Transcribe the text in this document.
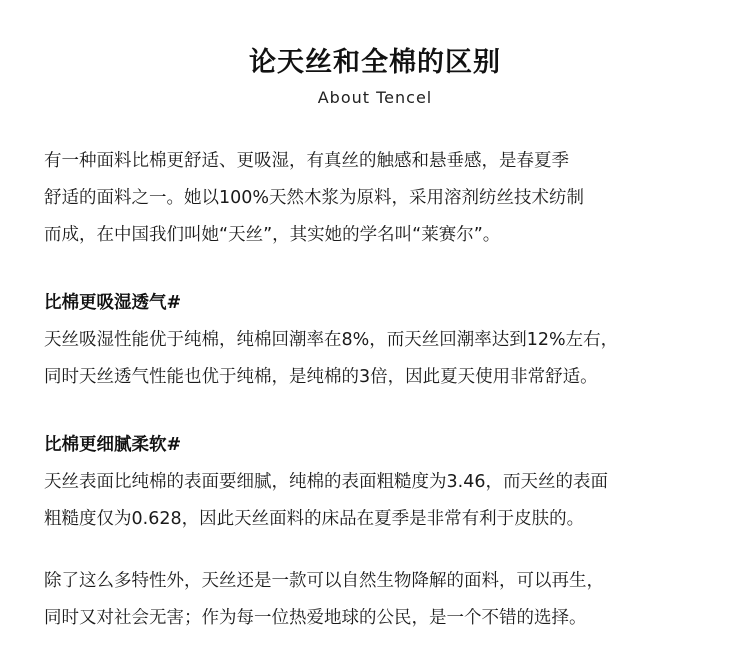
论天丝和全棉的区别
About Tencel

有一种面料比棉更舒适、更吸湿，有真丝的触感和悬垂感，是春夏季

舒适的面料之一。她以100%天然木浆为原料，采用溶剂纺丝技术纺制

而成，在中国我们叫她“天丝”，其实她的学名叫“莱赛尔”。

比棉更吸湿透气#

天丝吸湿性能优于纯棉，纯棉回潮率在8%，而天丝回潮率达到12%左右，

同时天丝透气性能也优于纯棉，是纯棉的3倍，因此夏天使用非常舒适。

比棉更细腻柔软#

天丝表面比纯棉的表面要细腻，纯棉的表面粗糙度为3.46，而天丝的表面

粗糙度仅为0.628，因此天丝面料的床品在夏季是非常有利于皮肤的。

除了这么多特性外，天丝还是一款可以自然生物降解的面料，可以再生，

同时又对社会无害；作为每一位热爱地球的公民，是一个不错的选择。
